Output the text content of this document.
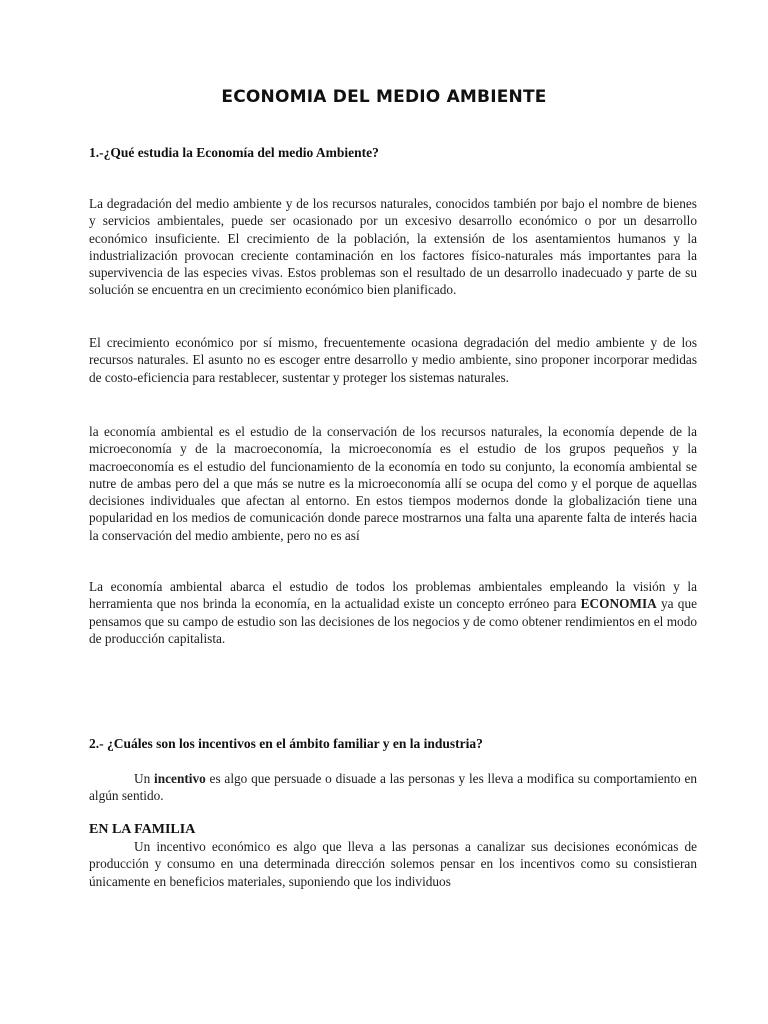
ECONOMIA DEL MEDIO AMBIENTE
1.-¿Qué estudia la Economía del medio Ambiente?
La degradación del medio ambiente y de los recursos naturales, conocidos también por bajo el nombre de bienes y servicios ambientales, puede ser ocasionado por un excesivo desarrollo económico o por un desarrollo económico insuficiente. El crecimiento de la población, la extensión de los asentamientos humanos y la industrialización provocan creciente contaminación en los factores físico-naturales más importantes para la supervivencia de las especies vivas. Estos problemas son el resultado de un desarrollo inadecuado y parte de su solución se encuentra en un crecimiento económico bien planificado.
El crecimiento económico por sí mismo, frecuentemente ocasiona degradación del medio ambiente y de los recursos naturales. El asunto no es escoger entre desarrollo y medio ambiente, sino proponer incorporar medidas de costo-eficiencia para restablecer, sustentar y proteger los sistemas naturales.
la economía ambiental es el estudio de la conservación de los recursos naturales, la economía depende de la microeconomía y de la macroeconomía, la microeconomía es el estudio de los grupos pequeños y la macroeconomía es el estudio del funcionamiento de la economía en todo su conjunto, la economía ambiental se nutre de ambas pero del a que más se nutre es la microeconomía allí se ocupa del como y el porque de aquellas decisiones individuales que afectan al entorno. En estos tiempos modernos donde la globalización tiene una popularidad en los medios de comunicación donde parece mostrarnos una falta una aparente falta de interés hacia la conservación del medio ambiente, pero no es así
La economía ambiental abarca el estudio de todos los problemas ambientales empleando la visión y la herramienta que nos brinda la economía, en la actualidad existe un concepto erróneo para ECONOMIA ya que pensamos que su campo de estudio son las decisiones de los negocios y de como obtener rendimientos en el modo de producción capitalista.
2.- ¿Cuáles son los incentivos en el ámbito familiar y en la industria?
Un incentivo es algo que persuade o disuade a las personas y les lleva a modifica su comportamiento en algún sentido.
EN LA FAMILIA
Un incentivo económico es algo que lleva a las personas a canalizar sus decisiones económicas de producción y consumo en una determinada dirección solemos pensar en los incentivos como su consistieran únicamente en beneficios materiales, suponiendo que los individuos
